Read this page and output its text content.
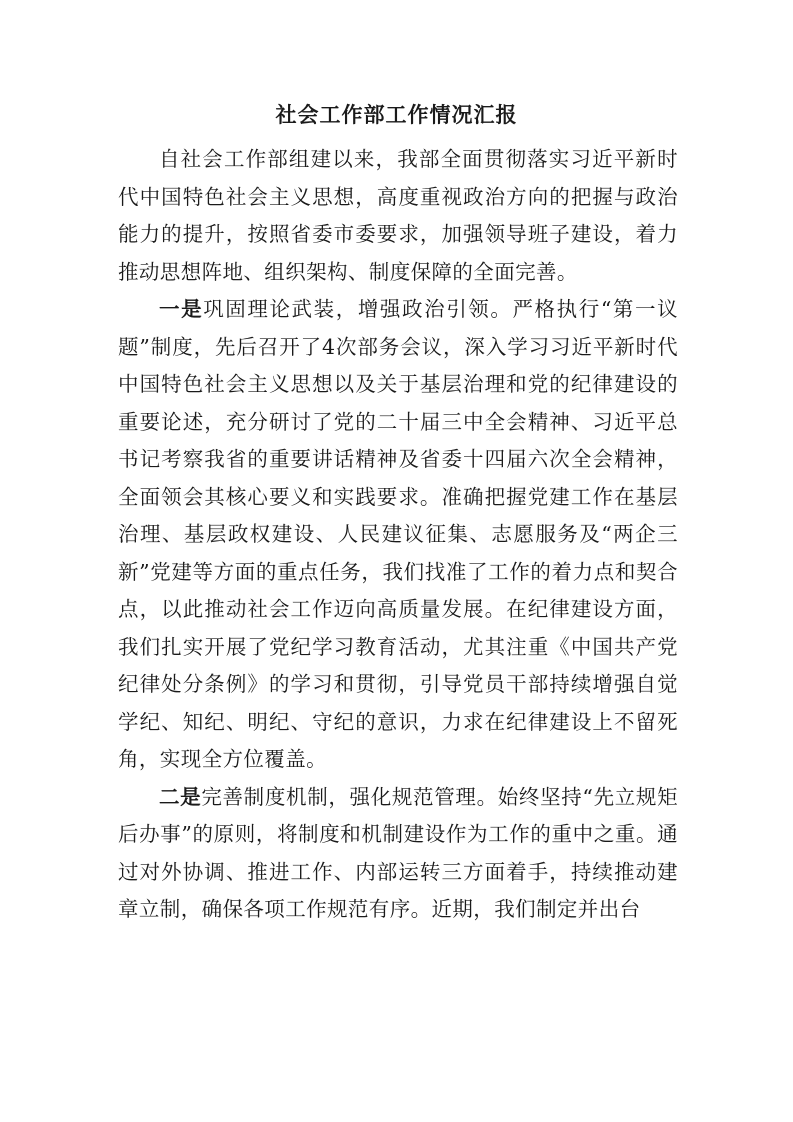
社会工作部工作情况汇报

自社会工作部组建以来，我部全面贯彻落实习近平新时代中国特色社会主义思想，高度重视政治方向的把握与政治能力的提升，按照省委市委要求，加强领导班子建设，着力推动思想阵地、组织架构、制度保障的全面完善。

一是巩固理论武装，增强政治引领。严格执行“第一议题”制度，先后召开了4次部务会议，深入学习习近平新时代中国特色社会主义思想以及关于基层治理和党的纪律建设的重要论述，充分研讨了党的二十届三中全会精神、习近平总书记考察我省的重要讲话精神及省委十四届六次全会精神，全面领会其核心要义和实践要求。准确把握党建工作在基层治理、基层政权建设、人民建议征集、志愿服务及“两企三新”党建等方面的重点任务，我们找准了工作的着力点和契合点，以此推动社会工作迈向高质量发展。在纪律建设方面，我们扎实开展了党纪学习教育活动，尤其注重《中国共产党纪律处分条例》的学习和贯彻，引导党员干部持续增强自觉学纪、知纪、明纪、守纪的意识，力求在纪律建设上不留死角，实现全方位覆盖。

二是完善制度机制，强化规范管理。始终坚持“先立规矩后办事”的原则，将制度和机制建设作为工作的重中之重。通过对外协调、推进工作、内部运转三方面着手，持续推动建章立制，确保各项工作规范有序。近期，我们制定并出台
